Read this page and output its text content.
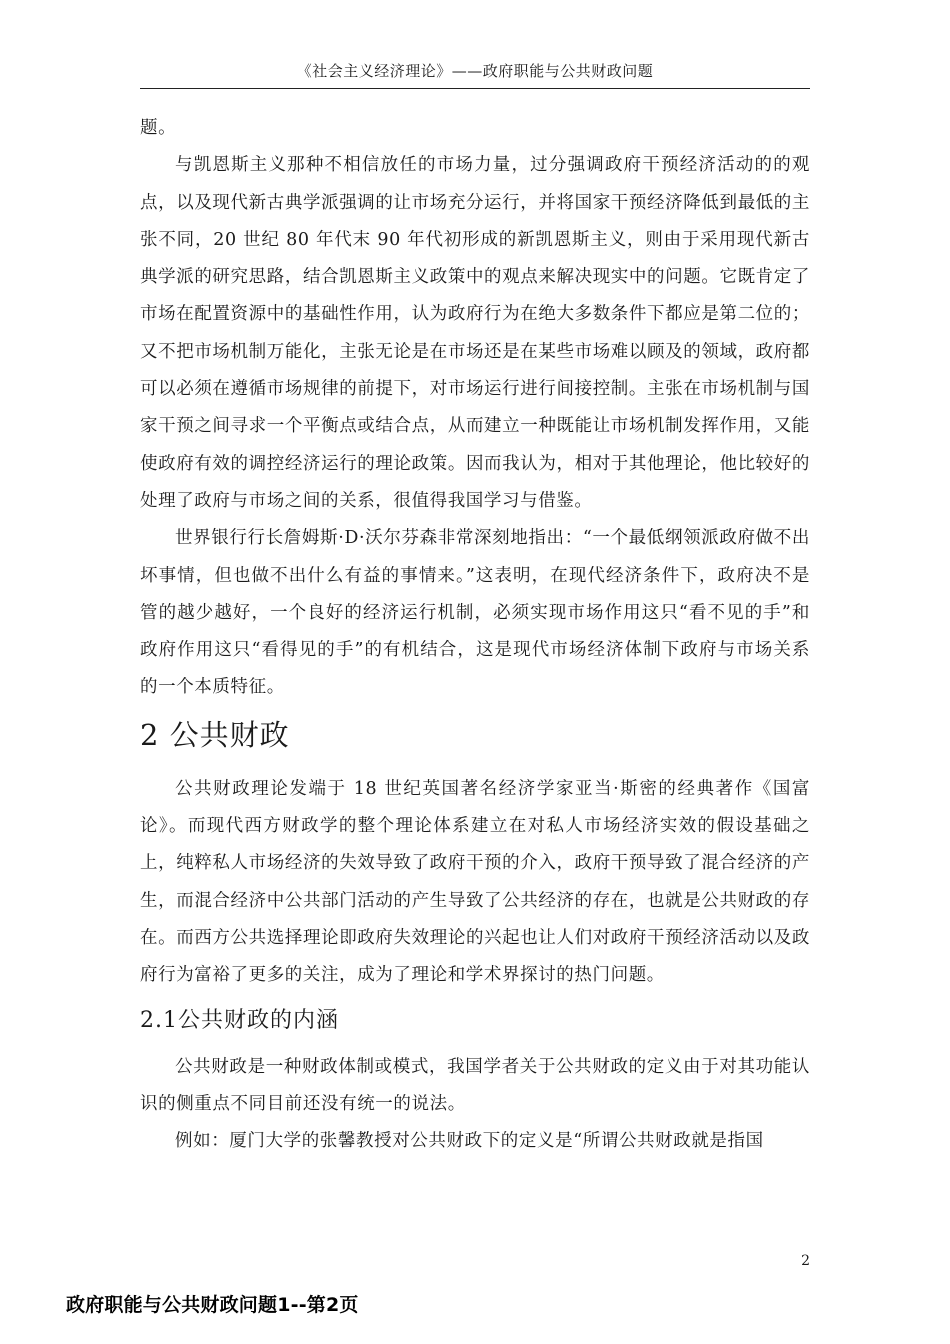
《社会主义经济理论》——政府职能与公共财政问题

题。

与凯恩斯主义那种不相信放任的市场力量，过分强调政府干预经济活动的的观点，以及现代新古典学派强调的让市场充分运行，并将国家干预经济降低到最低的主张不同，20 世纪 80 年代末 90 年代初形成的新凯恩斯主义，则由于采用现代新古典学派的研究思路，结合凯恩斯主义政策中的观点来解决现实中的问题。它既肯定了市场在配置资源中的基础性作用，认为政府行为在绝大多数条件下都应是第二位的；又不把市场机制万能化，主张无论是在市场还是在某些市场难以顾及的领域，政府都可以必须在遵循市场规律的前提下，对市场运行进行间接控制。主张在市场机制与国家干预之间寻求一个平衡点或结合点，从而建立一种既能让市场机制发挥作用，又能使政府有效的调控经济运行的理论政策。因而我认为，相对于其他理论，他比较好的处理了政府与市场之间的关系，很值得我国学习与借鉴。

世界银行行长詹姆斯·D·沃尔芬森非常深刻地指出：“一个最低纲领派政府做不出坏事情，但也做不出什么有益的事情来。”这表明，在现代经济条件下，政府决不是管的越少越好，一个良好的经济运行机制，必须实现市场作用这只“看不见的手”和政府作用这只“看得见的手”的有机结合，这是现代市场经济体制下政府与市场关系的一个本质特征。

2 公共财政

公共财政理论发端于 18 世纪英国著名经济学家亚当·斯密的经典著作《国富论》。而现代西方财政学的整个理论体系建立在对私人市场经济实效的假设基础之上，纯粹私人市场经济的失效导致了政府干预的介入，政府干预导致了混合经济的产生，而混合经济中公共部门活动的产生导致了公共经济的存在，也就是公共财政的存在。而西方公共选择理论即政府失效理论的兴起也让人们对政府干预经济活动以及政府行为富裕了更多的关注，成为了理论和学术界探讨的热门问题。

2.1公共财政的内涵

公共财政是一种财政体制或模式，我国学者关于公共财政的定义由于对其功能认识的侧重点不同目前还没有统一的说法。

例如：厦门大学的张馨教授对公共财政下的定义是“所谓公共财政就是指国

2
政府职能与公共财政问题1--第2页
